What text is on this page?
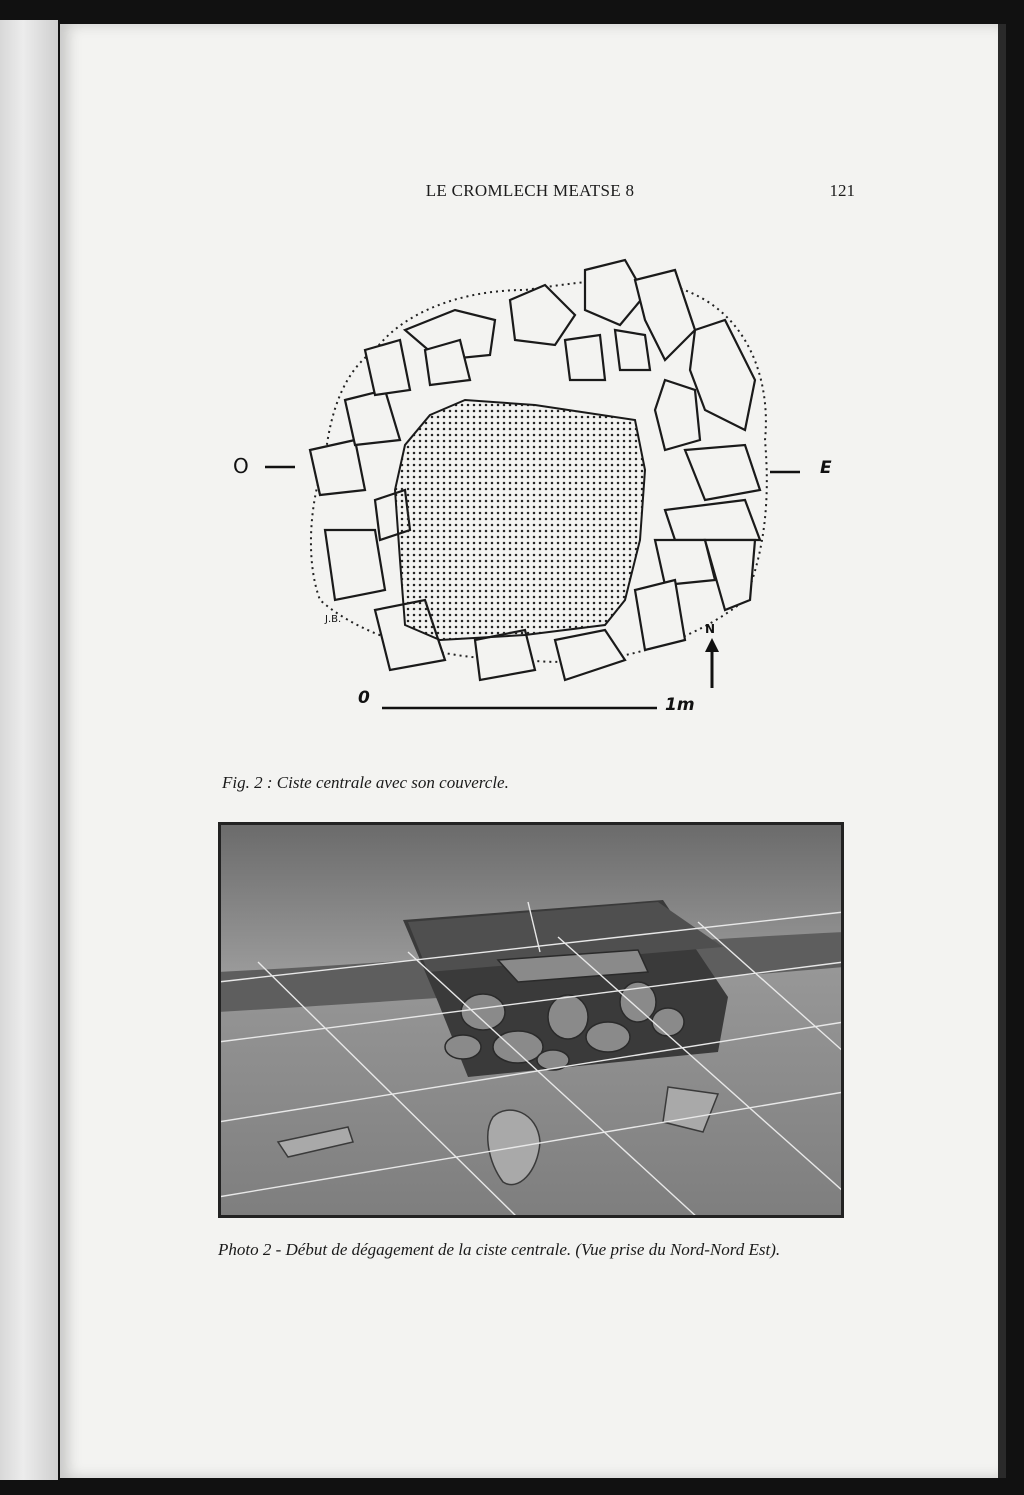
LE CROMLECH MEATSE 8	121
O	E
N
0	1m
J.B.
Fig. 2 : Ciste centrale avec son couvercle.
Photo 2 - Début de dégagement de la ciste centrale. (Vue prise du Nord-Nord Est).
